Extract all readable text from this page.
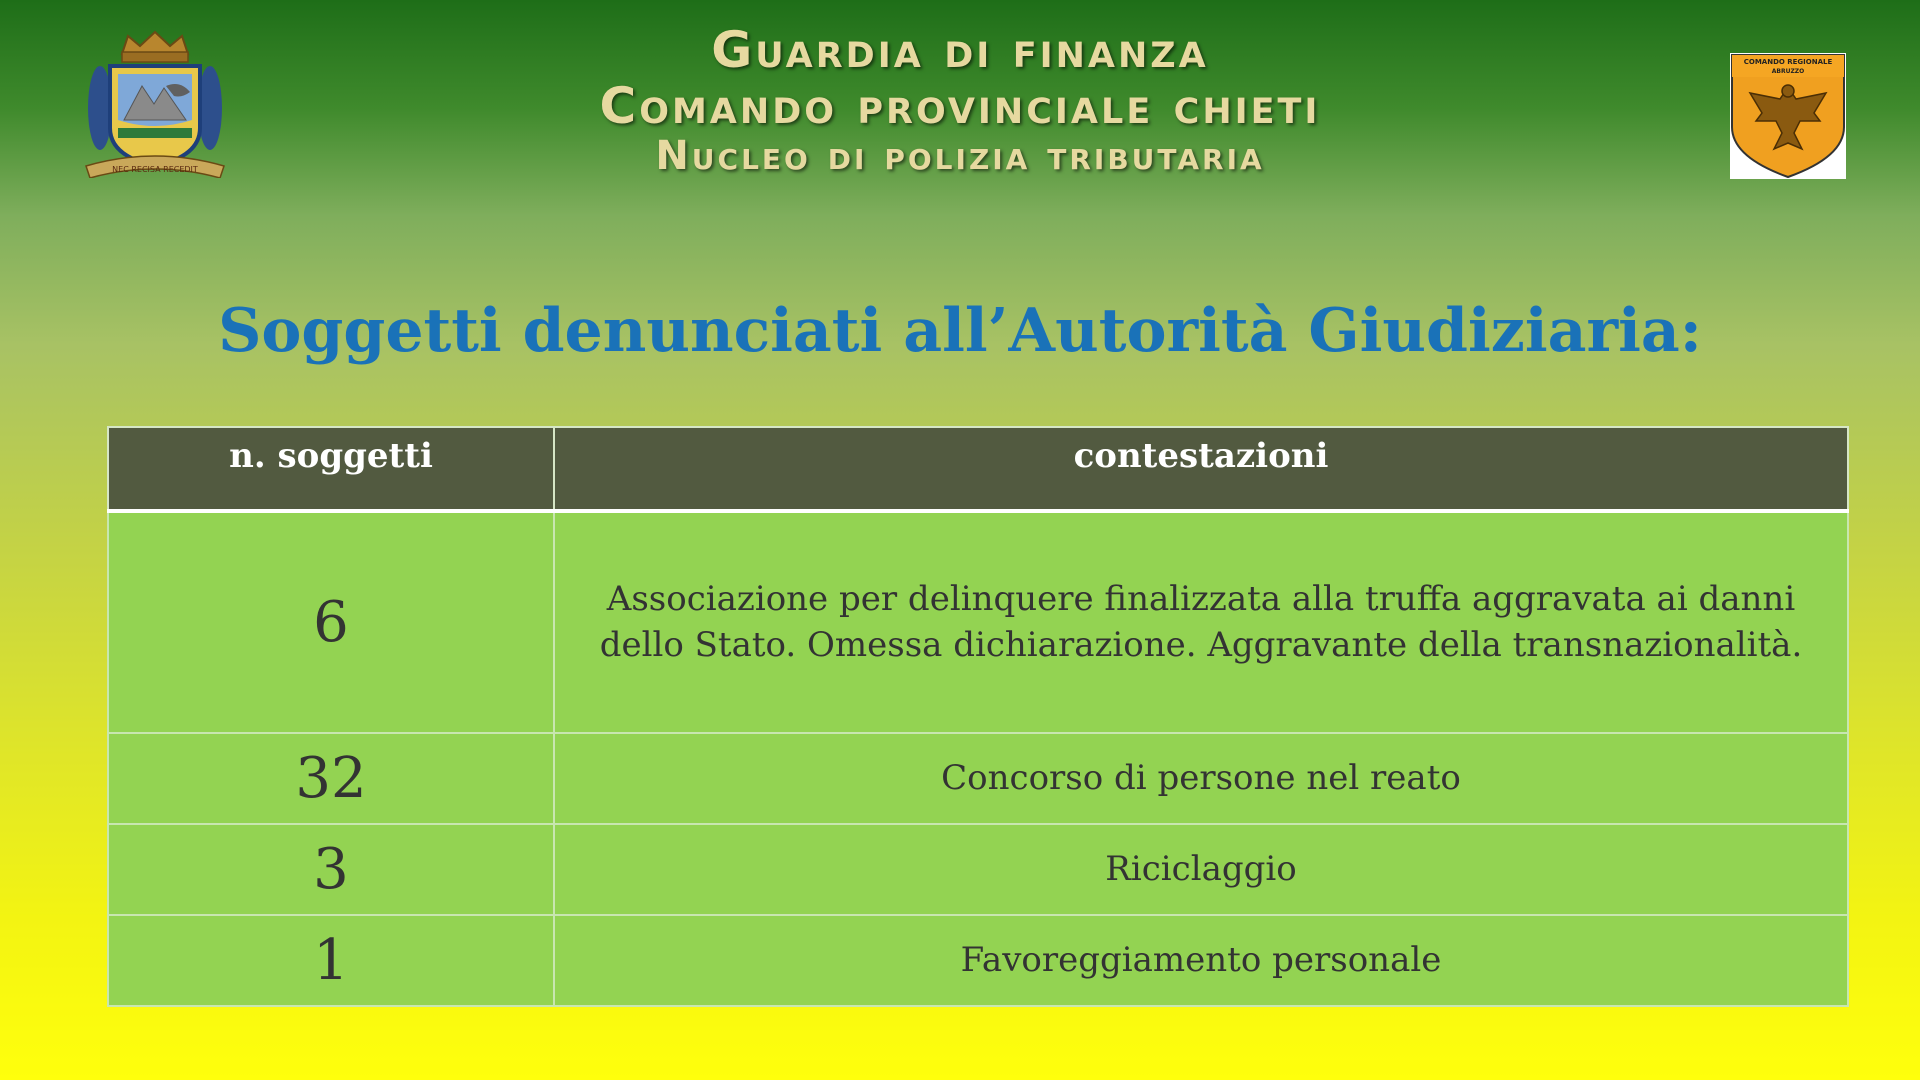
NEC RECISA RECEDIT
COMANDO REGIONALE
ABRUZZO
Guardia di finanza
Comando provinciale chieti
Nucleo di polizia tributaria
Soggetti denunciati all’Autorità Giudiziaria:
n. soggetti	contestazioni
6	Associazione per delinquere finalizzata alla truffa aggravata ai danni dello Stato. Omessa dichiarazione. Aggravante della transnazionalità.
32	Concorso di persone nel reato
3	Riciclaggio
1	Favoreggiamento personale
